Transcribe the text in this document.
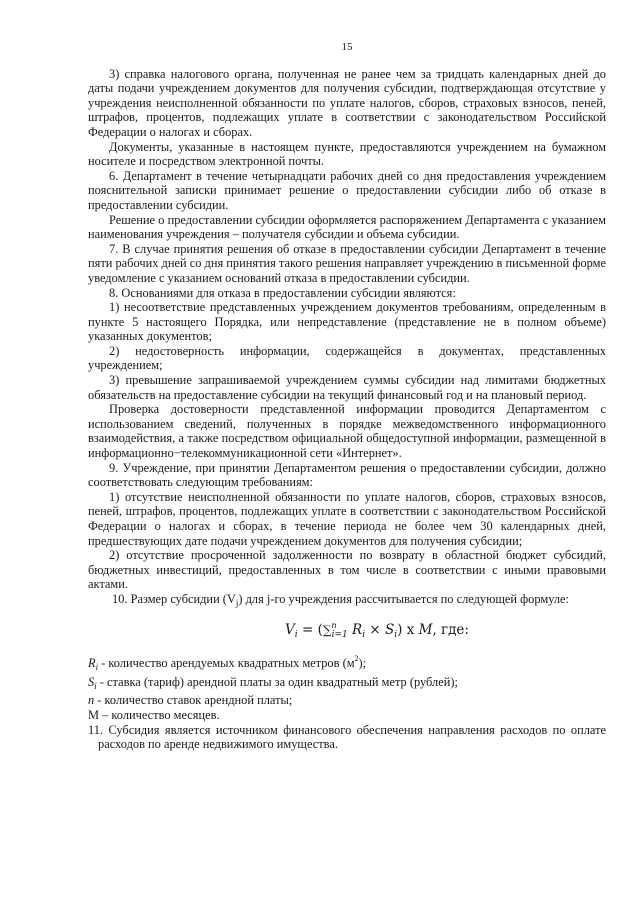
15

3) справка налогового органа, полученная не ранее чем за тридцать календарных дней до даты подачи учреждением документов для получения субсидии, подтверждающая отсутствие у учреждения неисполненной обязанности по уплате налогов, сборов, страховых взносов, пеней, штрафов, процентов, подлежащих уплате в соответствии с законодательством Российской Федерации о налогах и сборах.

Документы, указанные в настоящем пункте, предоставляются учреждением на бумажном носителе и посредством электронной почты.

6. Департамент в течение четырнадцати рабочих дней со дня предоставления учреждением пояснительной записки принимает решение о предоставлении субсидии либо об отказе в предоставлении субсидии.

Решение о предоставлении субсидии оформляется распоряжением Департамента с указанием наименования учреждения – получателя субсидии и объема субсидии.

7. В случае принятия решения об отказе в предоставлении субсидии Департамент в течение пяти рабочих дней со дня принятия такого решения направляет учреждению в письменной форме уведомление с указанием оснований отказа в предоставлении субсидии.

8. Основаниями для отказа в предоставлении субсидии являются:

1) несоответствие представленных учреждением документов требованиям, определенным в пункте 5 настоящего Порядка, или непредставление (представление не в полном объеме) указанных документов;

2) недостоверность информации, содержащейся в документах, представленных учреждением;

3) превышение запрашиваемой учреждением суммы субсидии над лимитами бюджетных обязательств на предоставление субсидии на текущий финансовый год и на плановый период.

Проверка достоверности представленной информации проводится Департаментом с использованием сведений, полученных в порядке межведомственного информационного взаимодействия, а также посредством официальной общедоступной информации, размещенной в информационно−телекоммуникационной сети «Интернет».

9. Учреждение, при принятии Департаментом решения о предоставлении субсидии, должно соответствовать следующим требованиям:

1) отсутствие неисполненной обязанности по уплате налогов, сборов, страховых взносов, пеней, штрафов, процентов, подлежащих уплате в соответствии с законодательством Российской Федерации о налогах и сборах, в течение периода не более чем 30 календарных дней, предшествующих дате подачи учреждением документов для получения субсидии;

2) отсутствие просроченной задолженности по возврату в областной бюджет субсидий, бюджетных инвестиций, предоставленных в том числе в соответствии с иными правовыми актами.

10. Размер субсидии $(V_j)$ для j-го учреждения рассчитывается по следующей формуле:

$V_i = (\sum^n_{i=1}$ $R_i \times S_i$) x M, где:

$R_i$ - количество арендуемых квадратных метров $(м^2)$;

$S_i$ - ставка (тариф) арендной платы за один квадратный метр (рублей);

n - количество ставок арендной платы;

М – количество месяцев.

11. Субсидия является источником финансового обеспечения направления расходов по оплате расходов по аренде недвижимого имущества.
